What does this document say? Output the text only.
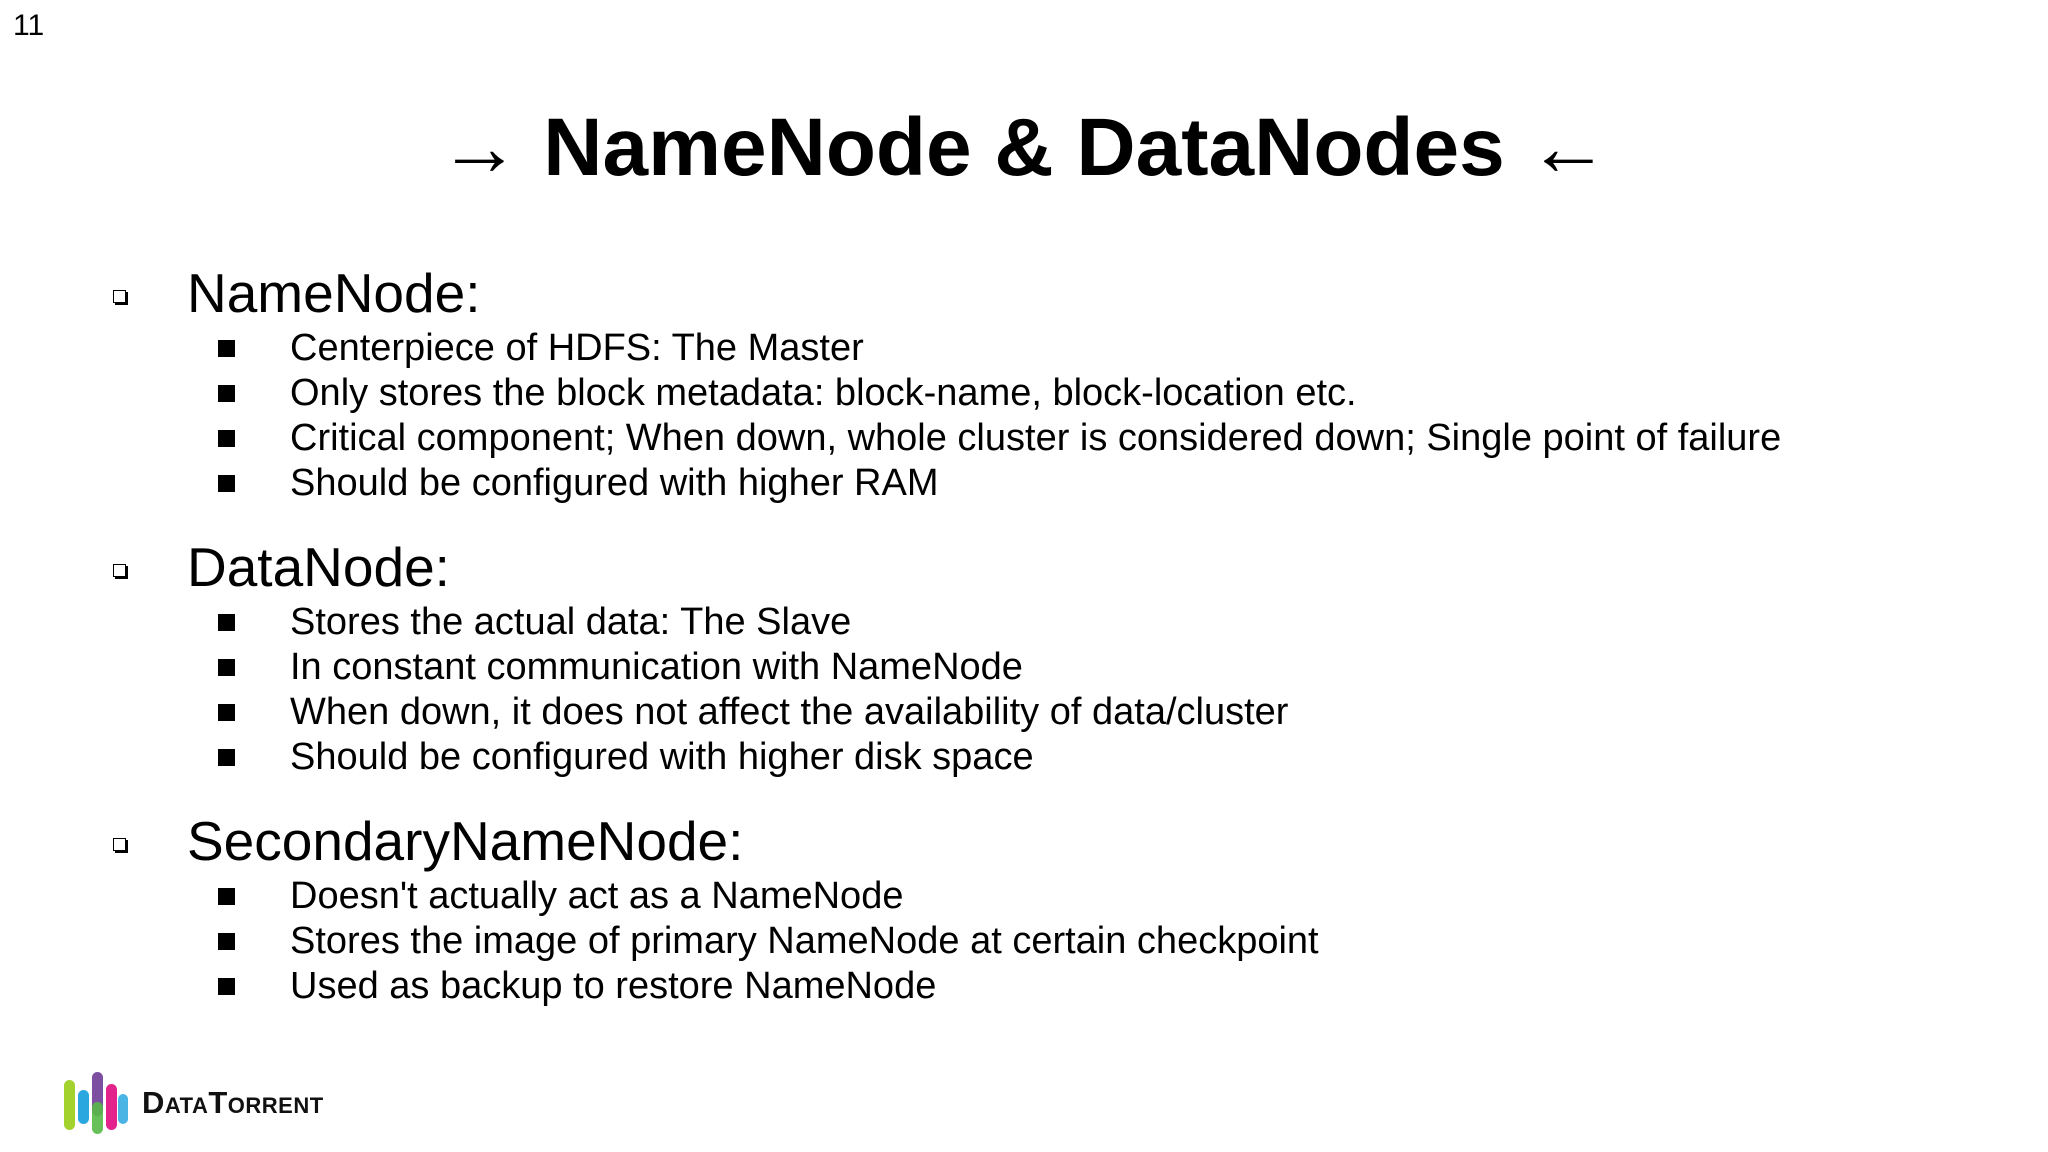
11
→ NameNode & DataNodes ←
NameNode:
Centerpiece of HDFS: The Master
Only stores the block metadata: block-name, block-location etc.
Critical component; When down, whole cluster is considered down; Single point of failure
Should be configured with higher RAM
DataNode:
Stores the actual data: The Slave
In constant communication with NameNode
When down, it does not affect the availability of data/cluster
Should be configured with higher disk space
SecondaryNameNode:
Doesn't actually act as a NameNode
Stores the image of primary NameNode at certain checkpoint
Used as backup to restore NameNode
DataTorrent
